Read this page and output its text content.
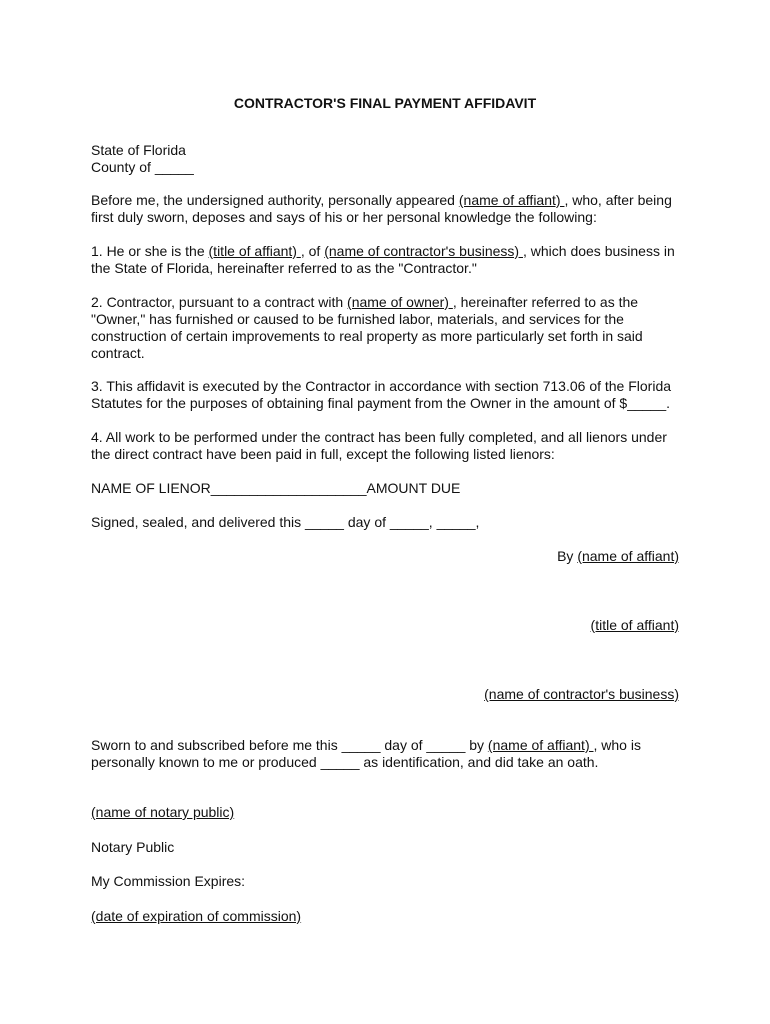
CONTRACTOR'S FINAL PAYMENT AFFIDAVIT
State of Florida
County of _____
Before me, the undersigned authority, personally appeared (name of affiant) , who, after being
first duly sworn, deposes and says of his or her personal knowledge the following:
1. He or she is the (title of affiant) , of (name of contractor's business) , which does business in
the State of Florida, hereinafter referred to as the "Contractor."
2. Contractor, pursuant to a contract with (name of owner) , hereinafter referred to as the
"Owner," has furnished or caused to be furnished labor, materials, and services for the
construction of certain improvements to real property as more particularly set forth in said
contract.
3. This affidavit is executed by the Contractor in accordance with section 713.06 of the Florida
Statutes for the purposes of obtaining final payment from the Owner in the amount of $_____.
4. All work to be performed under the contract has been fully completed, and all lienors under
the direct contract have been paid in full, except the following listed lienors:
NAME OF LIENOR____________________AMOUNT DUE
Signed, sealed, and delivered this _____ day of _____, _____,
By (name of affiant)
(title of affiant)
(name of contractor's business)
Sworn to and subscribed before me this _____ day of _____ by (name of affiant) , who is
personally known to me or produced _____ as identification, and did take an oath.
(name of notary public)
Notary Public
My Commission Expires:
(date of expiration of commission)
